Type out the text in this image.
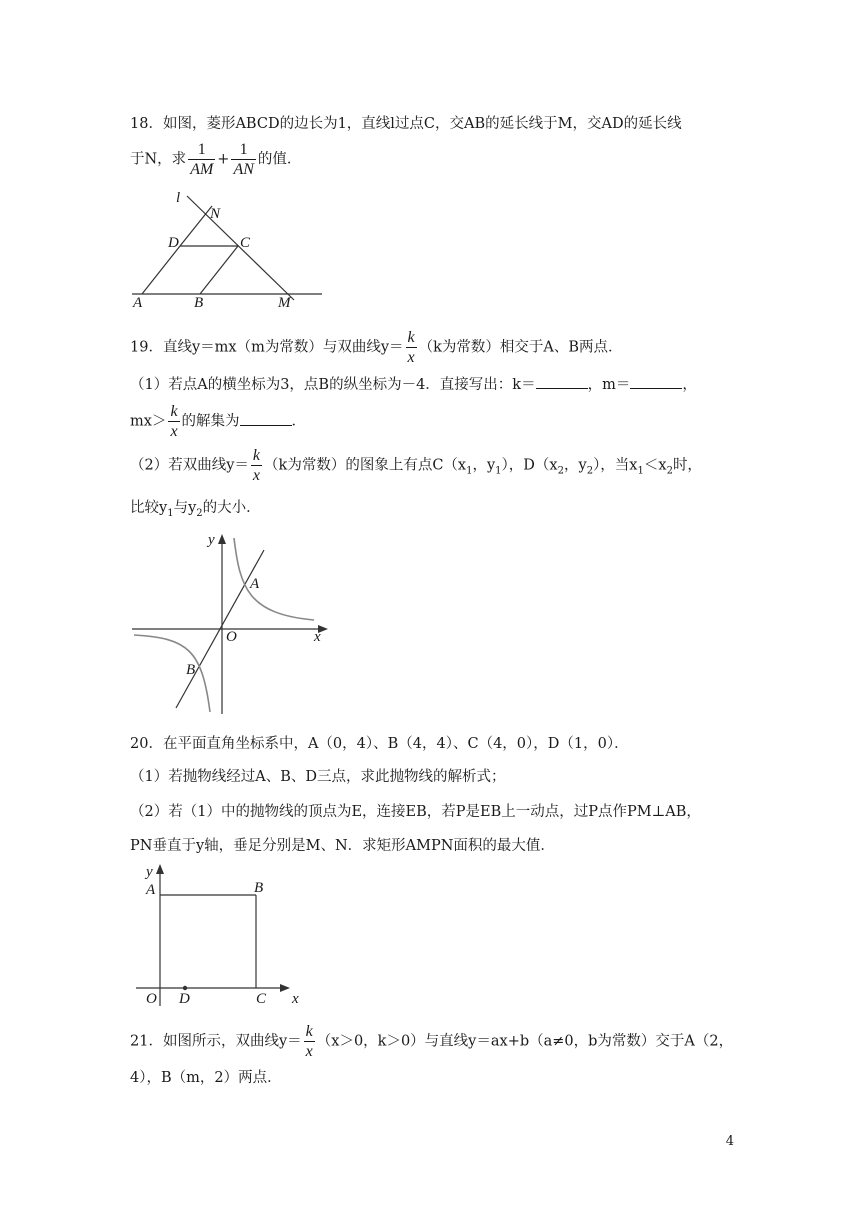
18．如图，菱形ABCD的边长为1，直线l过点C，交AB的延长线于M，交AD的延长线
于N，求 $\frac{1}{AM} + \frac{1}{AN}$ 的值．
l
N
D	C
A	B	M
19．直线y＝mx（m为常数）与双曲线$y= \frac{k}{x} (k$为常数）相交于A、B两点．
（1）若点A的横坐标为3，点B的纵坐标为－4．直接写出：k＝	，m＝	，
$mx> \frac{k}{x}$ 的解集为	．
（2）若双曲线$y= \frac{k}{x} (k$为常数）的图象上有点$C(x_1$，$y_1$），$D(x_2$，$y_2$），当$x_1<x_2$时，
比较$y_1$与$y_2$的大小．
y
x
O
A
B
20．在平面直角坐标系中，A（0，4）、B（4，4）、C（4，0），D（1，0）．
（1）若抛物线经过A、B、D三点，求此抛物线的解析式；
（2）若（1）中的抛物线的顶点为E，连接EB，若P是EB上一动点，过P点作PM⊥AB，
PN垂直于y轴，垂足分别是M、N．求矩形AMPN面积的最大值．
y
A	B
O D	C x
21．如图所示，双曲线$y= \frac{k}{x} (x>0$，k＞0）与直线y＝ax+b（a≠0，b为常数）交于A（2，
4），B（m，2）两点．
4
